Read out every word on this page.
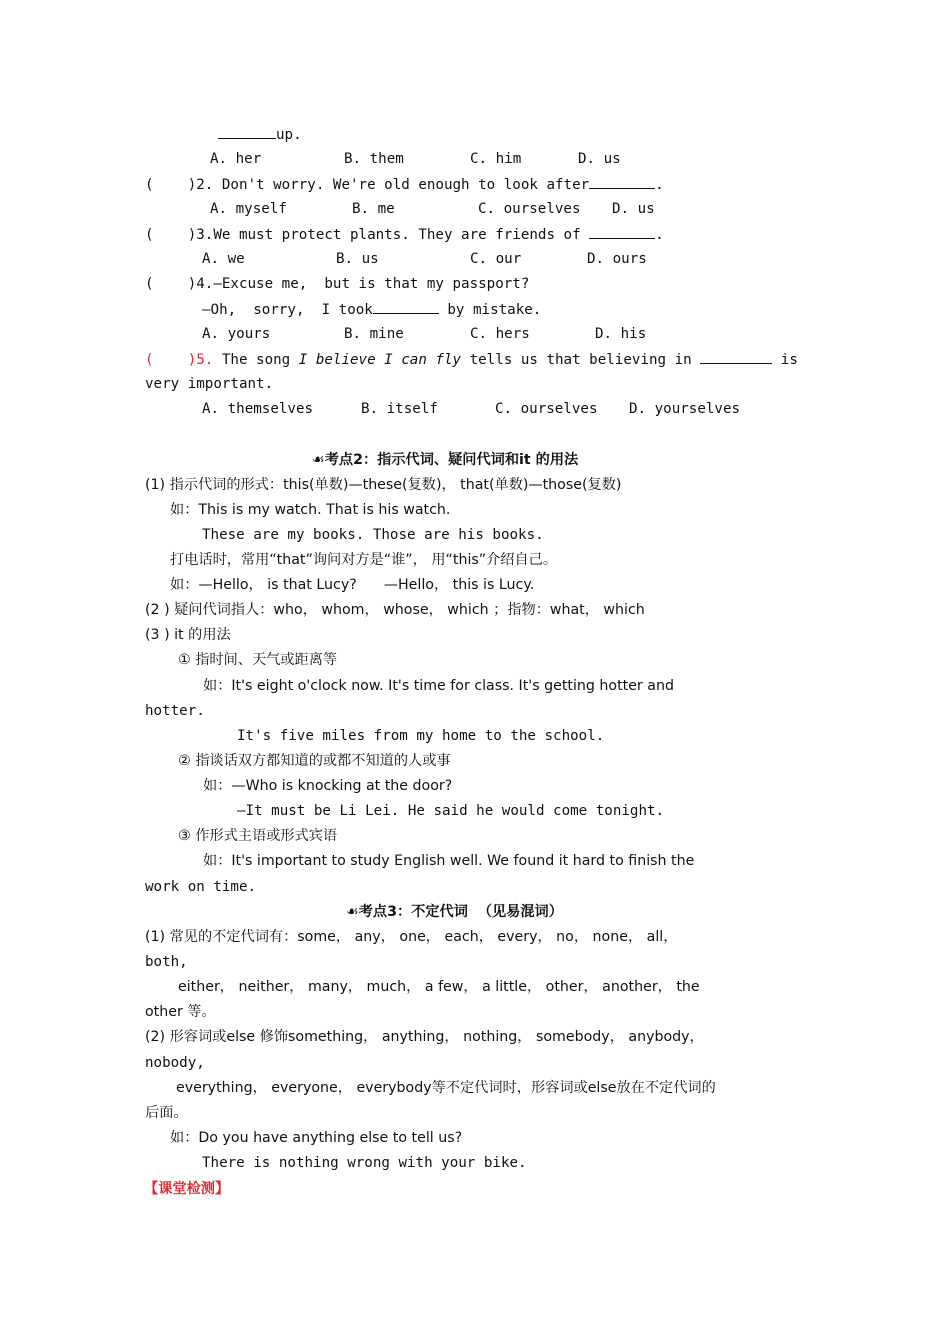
up.
A. her	B. them	C. him	D. us
(    )2. Don't worry. We're old enough to look after	.
A. myself	B. me	C. ourselves D. us
(    )3.We must protect plants. They are friends of	.
A. we	B. us	C. our	D. ours
(    )4.—Excuse me,  but is that my passport?
—Oh,  sorry,  I took	by mistake.
A. yours	B. mine	C. hers	D. his
(    )5. The song I believe I can fly tells us that believing in	is
very important.
A. themselves	B. itself	C. ourselves D. yourselves
☙考点2：指示代词、疑问代词和it 的用法
(1) 指示代词的形式：this(单数)—these(复数)， that(单数)—those(复数)
如：This is my watch. That is his watch.
These are my books. Those are his books.
打电话时，常用“that”询问对方是“谁”， 用“this”介绍自己。
如：—Hello， is that Lucy?      —Hello， this is Lucy.
(2 ) 疑问代词指人：who， whom， whose， which ；指物：what， which
(3 ) it 的用法
① 指时间、天气或距离等
如：It's eight o'clock now. It's time for class. It's getting hotter and
hotter.
It's five miles from my home to the school.
② 指谈话双方都知道的或都不知道的人或事
如：—Who is knocking at the door?
—It must be Li Lei. He said he would come tonight.
③ 作形式主语或形式宾语
如：It's important to study English well. We found it hard to finish the
work on time.
☙考点3：不定代词  （见易混词）
(1) 常见的不定代词有：some， any， one， each， every， no， none， all，
both,
either， neither， many， much， a few， a little， other， another， the
other 等。
(2) 形容词或else 修饰something， anything， nothing， somebody， anybody，
nobody,
everything， everyone， everybody等不定代词时，形容词或else放在不定代词的
后面。
如：Do you have anything else to tell us?
There is nothing wrong with your bike.
【课堂检测】
